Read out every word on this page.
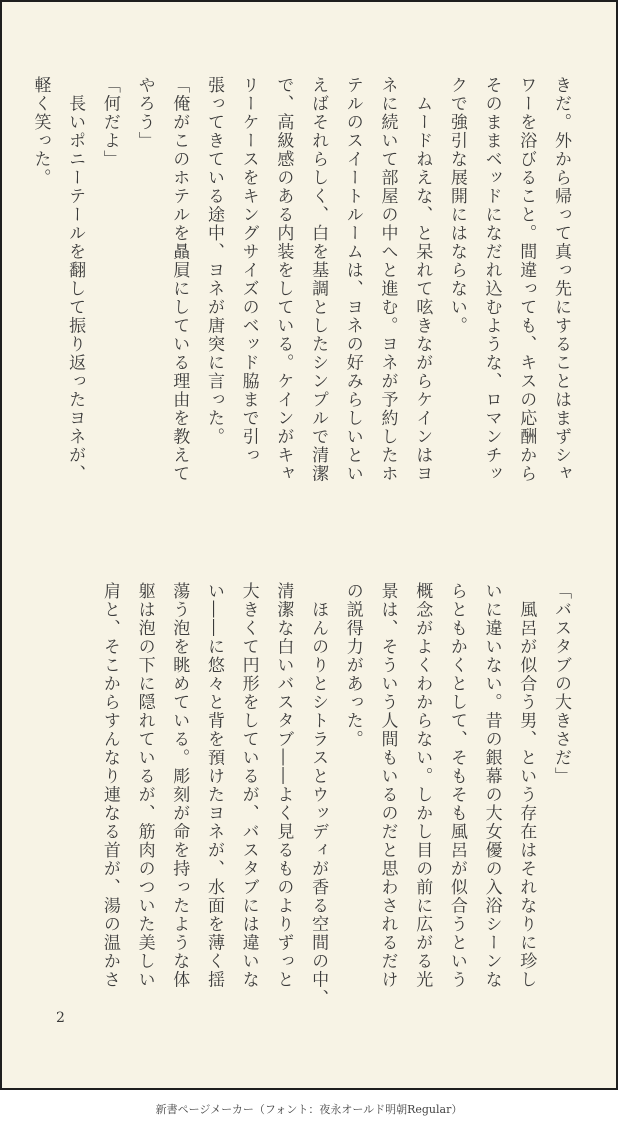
きだ。外から帰って真っ先にすることはまずシャ

ワーを浴びること。間違っても、キスの応酬から

そのままベッドになだれ込むような、ロマンチッ

クで強引な展開にはならない。

　ムードねえな、と呆れて呟きながらケインはヨ

ネに続いて部屋の中へと進む。ヨネが予約したホ

テルのスイートルームは、ヨネの好みらしいとい

えばそれらしく、白を基調としたシンプルで清潔

で、高級感のある内装をしている。ケインがキャ

リーケースをキングサイズのベッド脇まで引っ

張ってきている途中、ヨネが唐突に言った。

「俺がこのホテルを贔屓にしている理由を教えて

やろう」

「何だよ」

　長いポニーテールを翻して振り返ったヨネが、

軽く笑った。

「バスタブの大きさだ」

　風呂が似合う男、という存在はそれなりに珍し

いに違いない。昔の銀幕の大女優の入浴シーンな

らともかくとして、そもそも風呂が似合うという

概念がよくわからない。しかし目の前に広がる光

景は、そういう人間もいるのだと思わされるだけ

の説得力があった。

　ほんのりとシトラスとウッディが香る空間の中、

清潔な白いバスタブ――よく見るものよりずっと

大きくて円形をしているが、バスタブには違いな

い――に悠々と背を預けたヨネが、水面を薄く揺

蕩う泡を眺めている。彫刻が命を持ったような体

躯は泡の下に隠れているが、筋肉のついた美しい

肩と、そこからすんなり連なる首が、湯の温かさ

2
新書ページメーカー（フォント：夜永オールド明朝Regular）
